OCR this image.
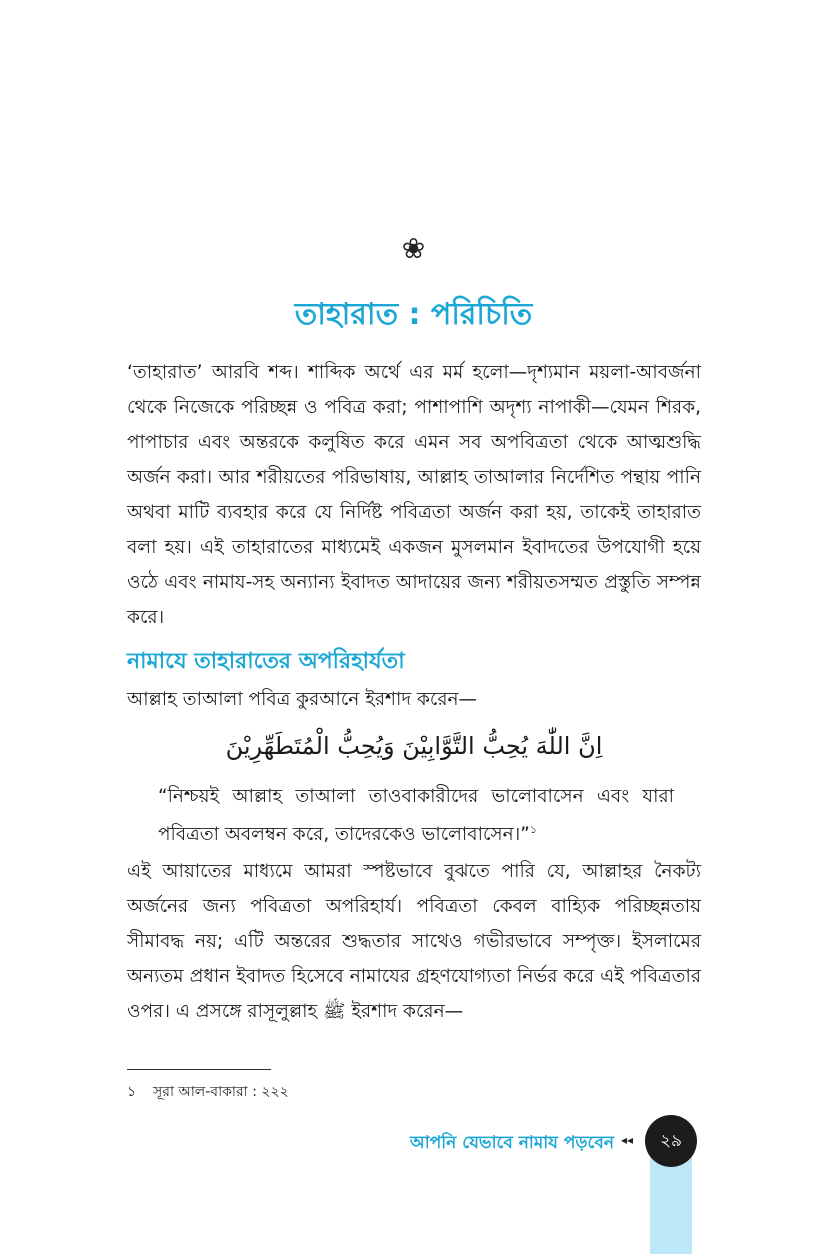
❀
তাহারাত : পরিচিতি

‘তাহারাত’ আরবি শব্দ। শাব্দিক অর্থে এর মর্ম হলো—দৃশ্যমান ময়লা-আবর্জনা থেকে নিজেকে পরিচ্ছন্ন ও পবিত্র করা; পাশাপাশি অদৃশ্য নাপাকী—যেমন শিরক, পাপাচার এবং অন্তরকে কলুষিত করে এমন সব অপবিত্রতা থেকে আত্মশুদ্ধি অর্জন করা। আর শরীয়তের পরিভাষায়, আল্লাহ তাআলার নির্দেশিত পন্থায় পানি অথবা মাটি ব্যবহার করে যে নির্দিষ্ট পবিত্রতা অর্জন করা হয়, তাকেই তাহারাত বলা হয়। এই তাহারাতের মাধ্যমেই একজন মুসলমান ইবাদতের উপযোগী হয়ে ওঠে এবং নামায-সহ অন্যান্য ইবাদত আদায়ের জন্য শরীয়তসম্মত প্রস্তুতি সম্পন্ন করে।

নামাযে তাহারাতের অপরিহার্যতা

আল্লাহ তাআলা পবিত্র কুরআনে ইরশাদ করেন—

اِنَّ اللّٰهَ يُحِبُّ التَّوَّابِيْنَ وَيُحِبُّ الْمُتَطَهِّرِيْنَ

“নিশ্চয়ই আল্লাহ তাআলা তাওবাকারীদের ভালোবাসেন এবং যারা পবিত্রতা অবলম্বন করে, তাদেরকেও ভালোবাসেন।”$^১$

এই আয়াতের মাধ্যমে আমরা স্পষ্টভাবে বুঝতে পারি যে, আল্লাহর নৈকট্য অর্জনের জন্য পবিত্রতা অপরিহার্য। পবিত্রতা কেবল বাহ্যিক পরিচ্ছন্নতায় সীমাবদ্ধ নয়; এটি অন্তরের শুদ্ধতার সাথেও গভীরভাবে সম্পৃক্ত। ইসলামের অন্যতম প্রধান ইবাদত হিসেবে নামাযের গ্রহণযোগ্যতা নির্ভর করে এই পবিত্রতার ওপর। এ প্রসঙ্গে রাসূলুল্লাহ ﷺ ইরশাদ করেন—

১ সূরা আল-বাকারা : ২২২
আপনি যেভাবে নামায পড়বেন ◂◂	২৯
